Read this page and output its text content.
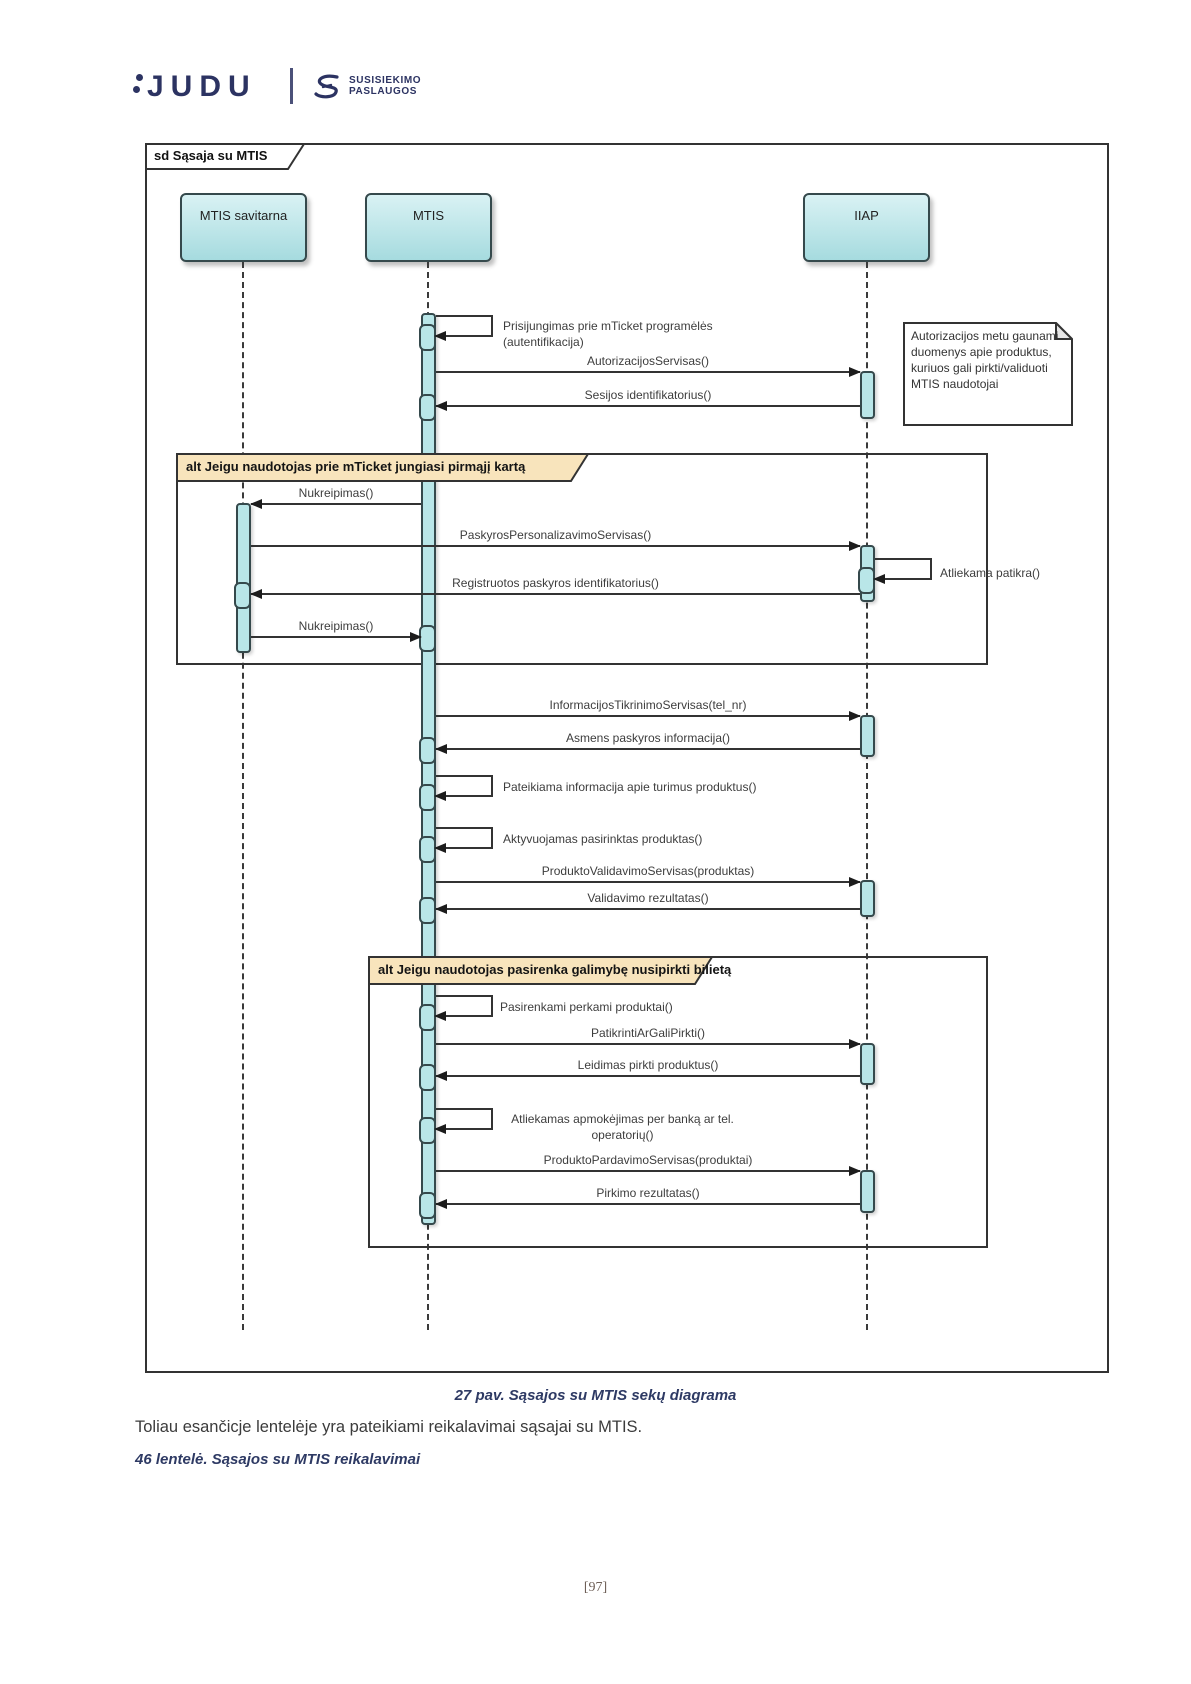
JUDU	SUSISIEKIMO
PASLAUGOS
sd Sąsaja su MTIS
MTIS savitarna	MTIS	IIAP
alt Jeigu naudotojas prie mTicket jungiasi pirmąjį kartą
alt Jeigu naudotojas pasirenka galimybę nusipirkti bilietą
Prisijungimas prie mTicket programėlės (autentifikacija)
AutorizacijosServisas()
Sesijos identifikatorius()
Autorizacijos metu gaunami duomenys apie produktus, kuriuos gali pirkti/validuoti MTIS naudotojai
Nukreipimas()
PaskyrosPersonalizavimoServisas()
Atliekama patikra()
Registruotos paskyros identifikatorius()
Nukreipimas()
InformacijosTikrinimoServisas(tel_nr)
Asmens paskyros informacija()
Pateikiama informacija apie turimus produktus()
Aktyvuojamas pasirinktas produktas()
ProduktoValidavimoServisas(produktas)
Validavimo rezultatas()
Pasirenkami perkami produktai()
PatikrintiArGaliPirkti()
Leidimas pirkti produktus()
Atliekamas apmokėjimas per banką ar tel. operatorių()
ProduktoPardavimoServisas(produktai)
Pirkimo rezultatas()
27 pav. Sąsajos su MTIS sekų diagrama
Toliau esančicje lentelėje yra pateikiami reikalavimai sąsajai su MTIS.
46 lentelė. Sąsajos su MTIS reikalavimai
[97]
